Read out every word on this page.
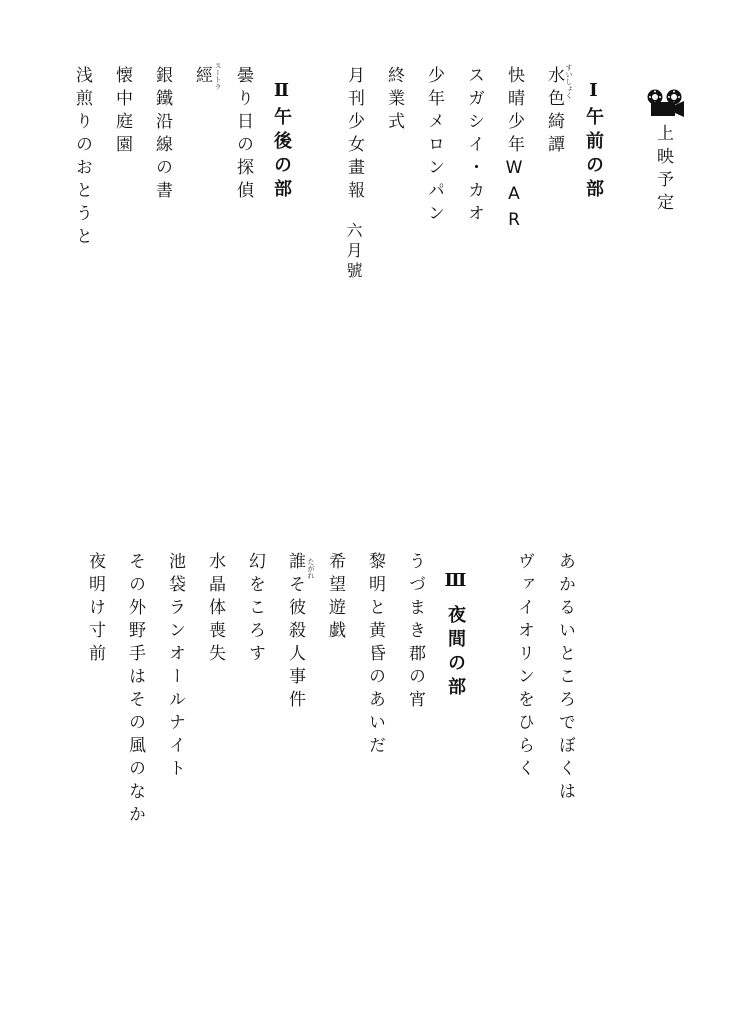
上映予定
Ⅰ午前の部
すいしょく
水色綺譚
快晴少年WAR
スガシイ・カオ
少年メロンパン
終業式
月刊少女畫報
六月號
Ⅱ午後の部
曇り日の探偵
スートラ
經
銀鐵沿線の書
懐中庭園
浅煎りのおとうと
あかるいところでぼくは
ヴァイオリンをひらく
Ⅲ夜間の部
うづまき郡の宵
黎明と黄昏のあいだ
希望遊戯
たがれ
誰そ彼殺人事件
幻をころす
水晶体喪失
池袋ランオールナイト
その外野手はその風のなか
夜明け寸前
